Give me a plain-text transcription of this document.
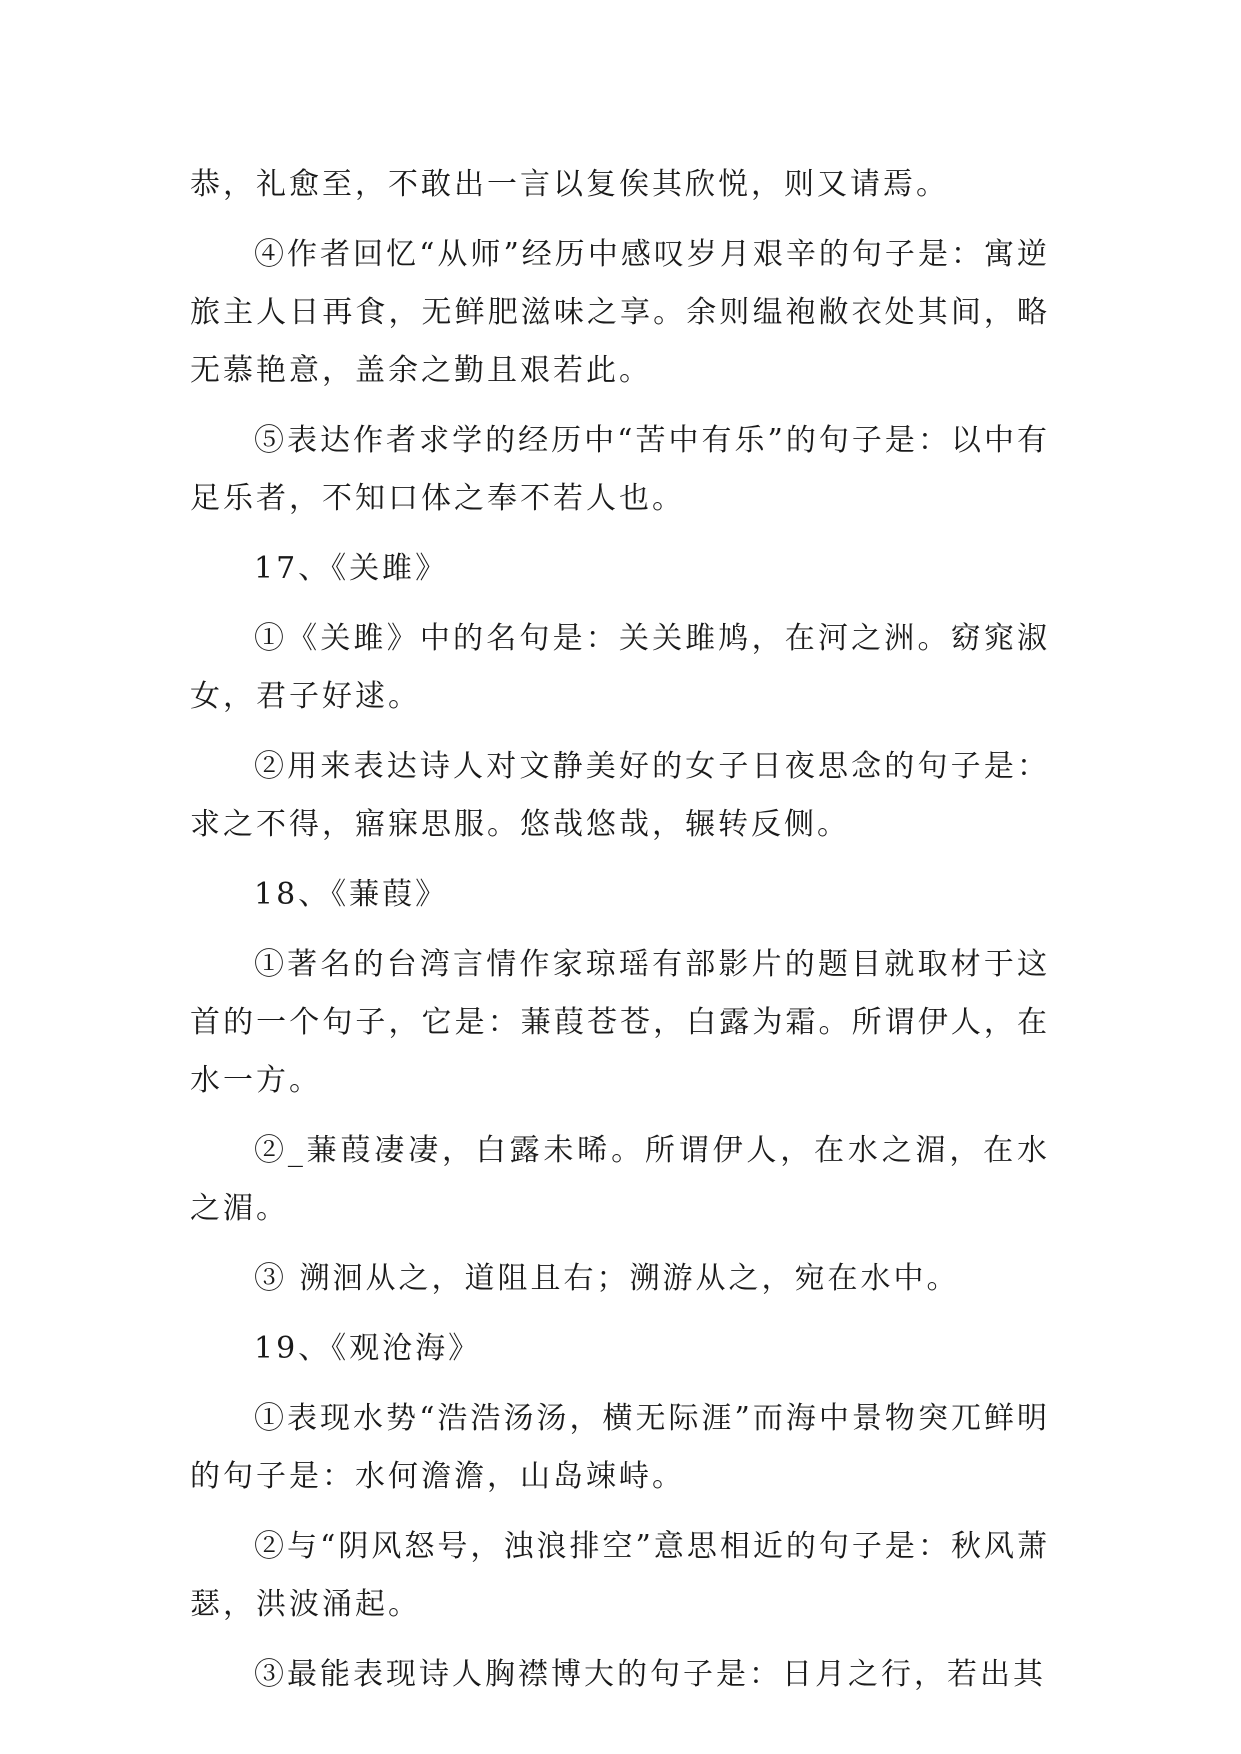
恭，礼愈至，不敢出一言以复俟其欣悦，则又请焉。

④作者回忆“从师”经历中感叹岁月艰辛的句子是：寓逆旅主人日再食，无鲜肥滋味之享。余则缊袍敝衣处其间，略无慕艳意，盖余之勤且艰若此。

⑤表达作者求学的经历中“苦中有乐”的句子是：以中有足乐者，不知口体之奉不若人也。

17、《关雎》

①《关雎》中的名句是：关关雎鸠，在河之洲。窈窕淑女，君子好逑。

②用来表达诗人对文静美好的女子日夜思念的句子是：求之不得，寤寐思服。悠哉悠哉，辗转反侧。

18、《蒹葭》

①著名的台湾言情作家琼瑶有部影片的题目就取材于这首的一个句子，它是：蒹葭苍苍，白露为霜。所谓伊人，在水一方。

②_蒹葭凄凄，白露未晞。所谓伊人，在水之湄，在水之湄。

③ 溯洄从之，道阻且右；溯游从之，宛在水中。

19、《观沧海》

①表现水势“浩浩汤汤，横无际涯”而海中景物突兀鲜明的句子是：水何澹澹，山岛竦峙。

②与“阴风怒号，浊浪排空”意思相近的句子是：秋风萧瑟，洪波涌起。

③最能表现诗人胸襟博大的句子是：日月之行，若出其
